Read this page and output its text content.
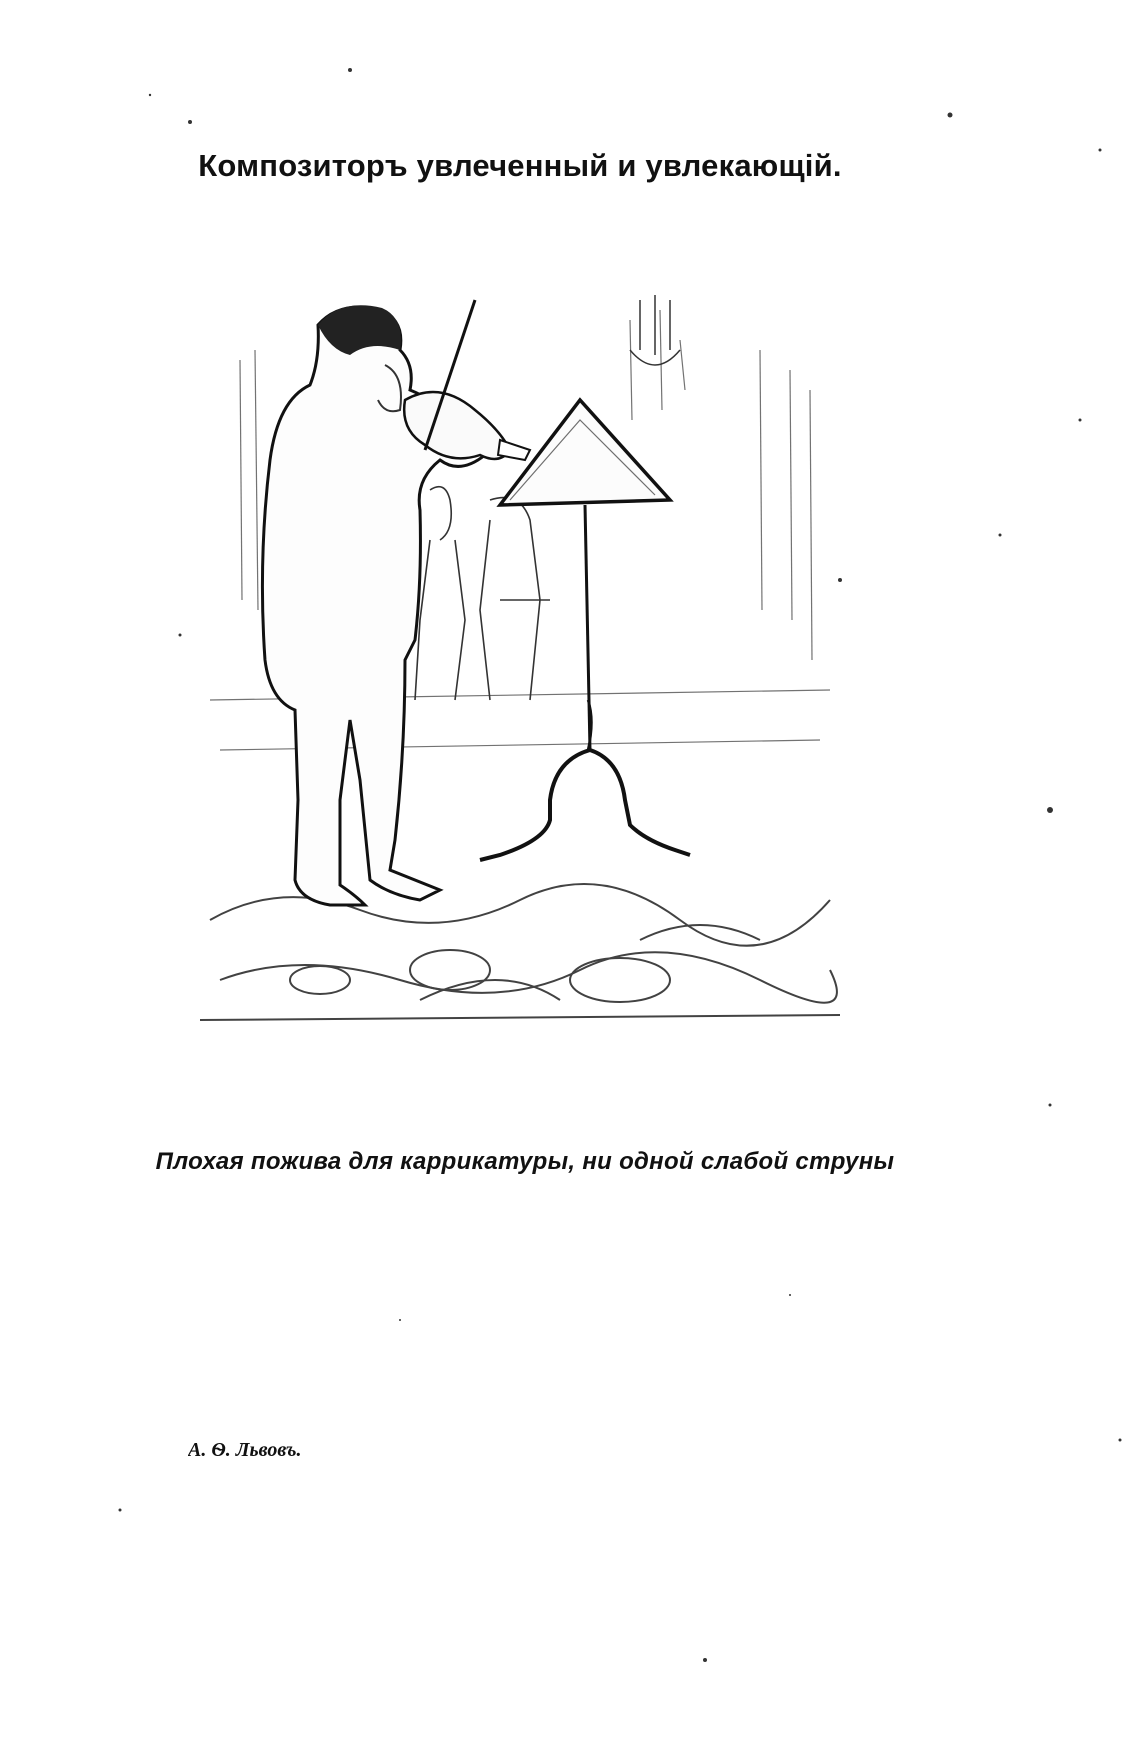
Композиторъ увлеченный и увлекающій.
Плохая пожива для каррикатуры, ни одной слабой струны
А. Ѳ. Львовъ.
